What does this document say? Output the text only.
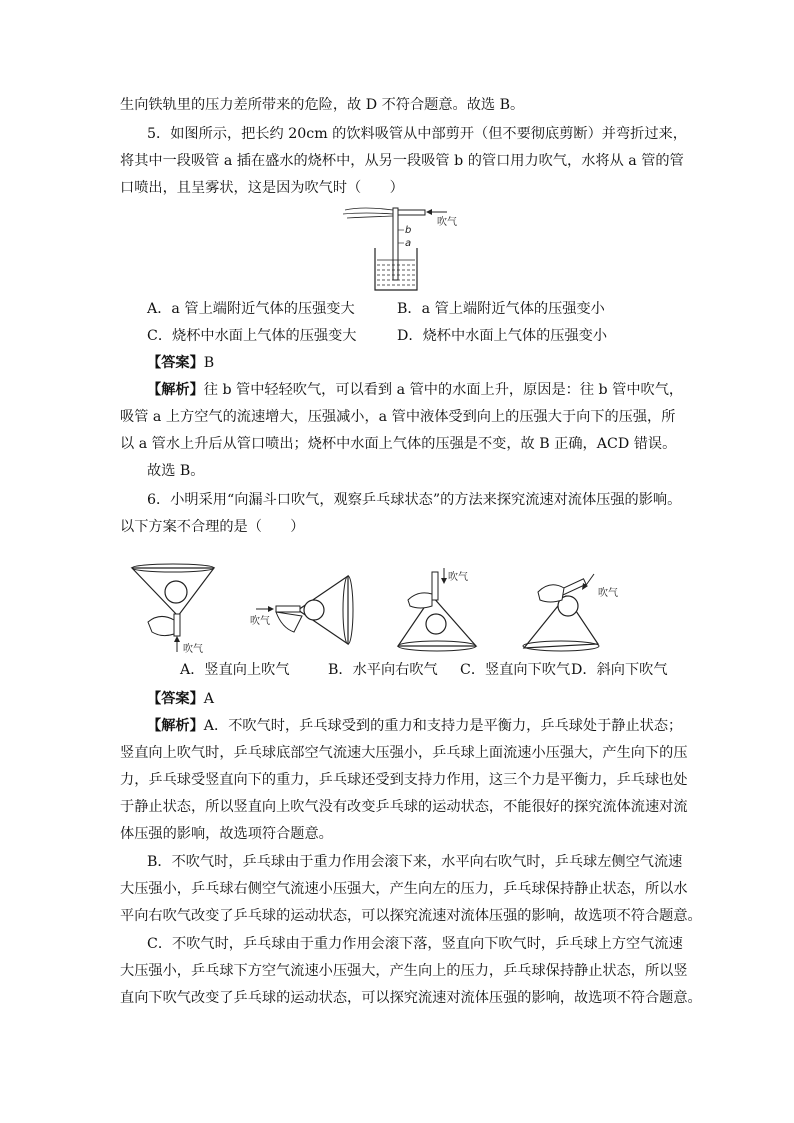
生向铁轨里的压力差所带来的危险，故 D 不符合题意。故选 B。
5．如图所示，把长约 20cm 的饮料吸管从中部剪开（但不要彻底剪断）并弯折过来，
将其中一段吸管 a 插在盛水的烧杯中，从另一段吸管 b 的管口用力吹气，水将从 a 管的管
口喷出，且呈雾状，这是因为吹气时（　　）
吹气
b
a
A．a 管上端附近气体的压强变大	B．a 管上端附近气体的压强变小
C．烧杯中水面上气体的压强变大	D．烧杯中水面上气体的压强变小
【答案】B
【解析】往 b 管中轻轻吹气，可以看到 a 管中的水面上升，原因是：往 b 管中吹气，
吸管 a 上方空气的流速增大，压强减小，a 管中液体受到向上的压强大于向下的压强，所
以 a 管水上升后从管口喷出；烧杯中水面上气体的压强是不变，故 B 正确，ACD 错误。
故选 B。
6．小明采用“向漏斗口吹气，观察乒乓球状态”的方法来探究流速对流体压强的影响。
以下方案不合理的是（　　）
吹气
吹气
吹气
吹气
A．竖直向上吹气	B．水平向右吹气 C．竖直向下吹气 D．斜向下吹气
【答案】A
【解析】A．不吹气时，乒乓球受到的重力和支持力是平衡力，乒乓球处于静止状态；
竖直向上吹气时，乒乓球底部空气流速大压强小，乒乓球上面流速小压强大，产生向下的压
力，乒乓球受竖直向下的重力，乒乓球还受到支持力作用，这三个力是平衡力，乒乓球也处
于静止状态，所以竖直向上吹气没有改变乒乓球的运动状态，不能很好的探究流体流速对流
体压强的影响，故选项符合题意。
B．不吹气时，乒乓球由于重力作用会滚下来，水平向右吹气时，乒乓球左侧空气流速
大压强小，乒乓球右侧空气流速小压强大，产生向左的压力，乒乓球保持静止状态，所以水
平向右吹气改变了乒乓球的运动状态，可以探究流速对流体压强的影响，故选项不符合题意。
C．不吹气时，乒乓球由于重力作用会滚下落，竖直向下吹气时，乒乓球上方空气流速
大压强小，乒乓球下方空气流速小压强大，产生向上的压力，乒乓球保持静止状态，所以竖
直向下吹气改变了乒乓球的运动状态，可以探究流速对流体压强的影响，故选项不符合题意。
